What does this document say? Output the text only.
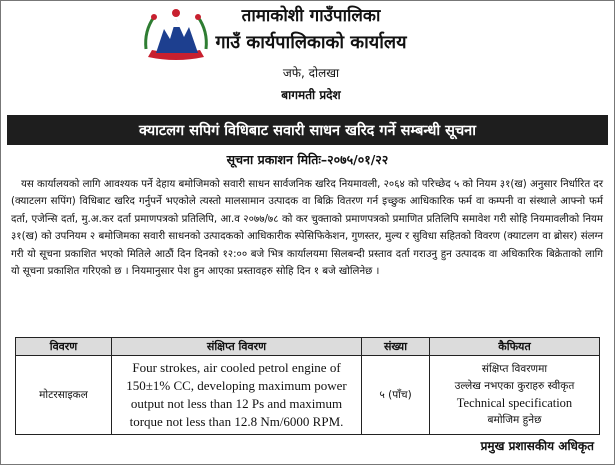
तामाकोशी गाउँपालिका
गाउँ कार्यपालिकाको कार्यालय
जफे, दोलखा
बागमती प्रदेश
क्याटलग सपिगं विधिबाट सवारी साधन खरिद गर्ने सम्बन्धी सूचना
सूचना प्रकाशन मितिः–२०७५/०१/२२

यस कार्यालयको लागि आवश्यक पर्ने देहाय बमोजिमको सवारी साधन सार्वजनिक खरिद नियमावली, २०६४ को परिच्छेद ५ को नियम ३१(ख) अनुसार निर्धारित दर (क्याटलग सपिंग) विधिबाट खरिद गर्नुपर्ने भएकोले त्यस्तो मालसामान उत्पादक वा बिक्रि वितरण गर्न इच्छुक आधिकारिक फर्म वा कम्पनी वा संस्थाले आफ्नो फर्म दर्ता, एजेन्सि दर्ता, मु.अ.कर दर्ता प्रमाणपत्रको प्रतिलिपि, आ.व २०७७/७८ को कर चुक्ताको प्रमाणपत्रको प्रमाणित प्रतिलिपि समावेश गरी सोहि नियमावलीको नियम ३१(ख) को उपनियम २ बमोजिमका सवारी साधनको उत्पादकको आधिकारीक स्पेसिफिकेशन, गुणस्तर, मुल्य र सुविधा सहितको विवरण (क्याटलग वा ब्रोसर) संलग्न गरी यो सूचना प्रकाशित भएको मितिले आठौं दिन दिनको १२:०० बजे भित्र कार्यालयमा सिलबन्दी प्रस्ताव दर्ता गराउनु हुन उत्पादक वा अधिकारिक बिक्रेताको लागि यो सूचना प्रकाशित गरिएको छ । नियमानुसार पेश हुन आएका प्रस्तावहरु सोहि दिन १ बजे खोलिनेछ ।

विवरण	संक्षिप्त विवरण	संख्या	कैफियत
मोटरसाइकल	Four strokes, air cooled petrol engine of 150±1% CC, developing maximum power output not less than 12 Ps and maximum torque not less than 12.8 Nm/6000 RPM.	५ (पाँच)	संक्षिप्त विवरणमा
उल्लेख नभएका कुराहरु स्वीकृत
Technical specification
बमोजिम हुनेछ
प्रमुख प्रशासकीय अधिकृत
